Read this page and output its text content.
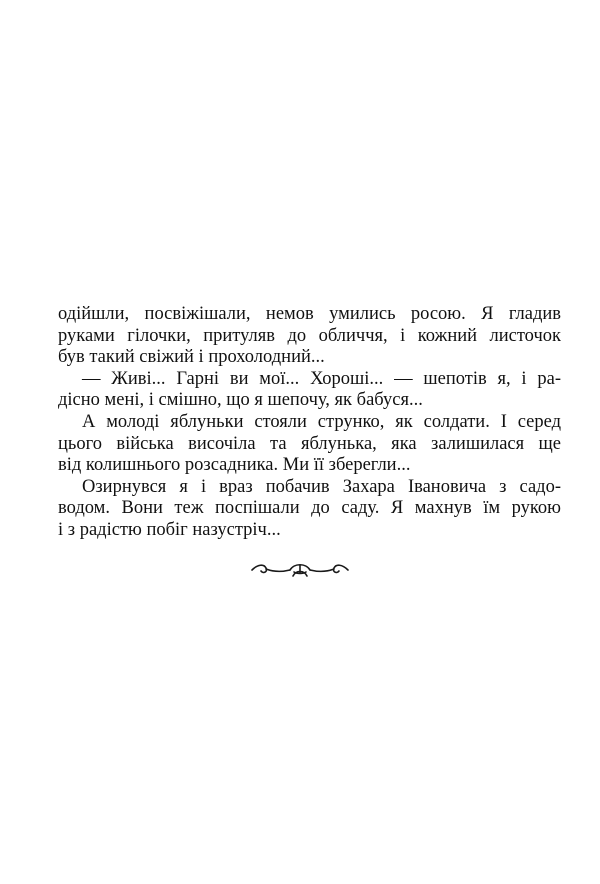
одійшли, посвіжішали, немов умились росою. Я гладив
руками гілочки, притуляв до обличчя, і кожний листочок
був такий свіжий і прохолодний...
— Живі... Гарні ви мої... Хороші... — шепотів я, і ра-
дісно мені, і смішно, що я шепочу, як бабуся...
А молоді яблуньки стояли струнко, як солдати. І серед
цього війська височіла та яблунька, яка залишилася ще
від колишнього розсадника. Ми її зберегли...
Озирнувся я і враз побачив Захара Івановича з садо-
водом. Вони теж поспішали до саду. Я махнув їм рукою
і з радістю побіг назустріч...
